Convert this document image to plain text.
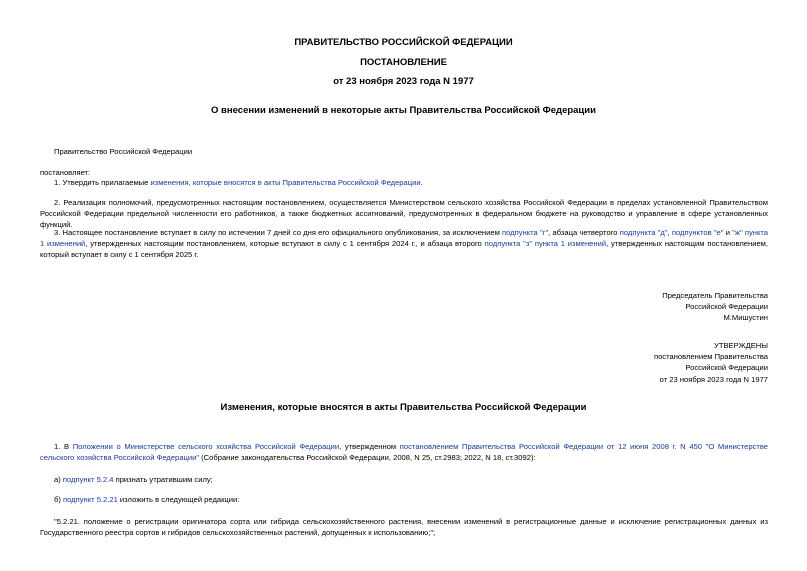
ПРАВИТЕЛЬСТВО РОССИЙСКОЙ ФЕДЕРАЦИИ
ПОСТАНОВЛЕНИЕ
от 23 ноября 2023 года N 1977
О внесении изменений в некоторые акты Правительства Российской Федерации
Правительство Российской Федерации
постановляет:
1. Утвердить прилагаемые изменения, которые вносятся в акты Правительства Российской Федерации.
2. Реализация полномочий, предусмотренных настоящим постановлением, осуществляется Министерством сельского хозяйства Российской Федерации в пределах установленной Правительством Российской Федерации предельной численности его работников, а также бюджетных ассигнований, предусмотренных в федеральном бюджете на руководство и управление в сфере установленных функций.
3. Настоящее постановление вступает в силу по истечении 7 дней со дня его официального опубликования, за исключением подпункта "г", абзаца четвертого подпункта "д", подпунктов "е" и "ж" пункта 1 изменений, утвержденных настоящим постановлением, которые вступают в силу с 1 сентября 2024 г., и абзаца второго подпункта "з" пункта 1 изменений, утвержденных настоящим постановлением, который вступает в силу с 1 сентября 2025 г.
Председатель Правительства
Российской Федерации
М.Мишустин
УТВЕРЖДЕНЫ
постановлением Правительства
Российской Федерации
от 23 ноября 2023 года N 1977
Изменения, которые вносятся в акты Правительства Российской Федерации
1. В Положении о Министерстве сельского хозяйства Российской Федерации, утвержденном постановлением Правительства Российской Федерации от 12 июня 2008 г. N 450 "О Министерстве сельского хозяйства Российской Федерации" (Собрание законодательства Российской Федерации, 2008, N 25, ст.2983; 2022, N 18, ст.3092):
а) подпункт 5.2.4 признать утратившим силу;
б) подпункт 5.2.21 изложить в следующей редакции:
"5.2.21. положение о регистрации оригинатора сорта или гибрида сельскохозяйственного растения, внесении изменений в регистрационные данные и исключение регистрационных данных из Государственного реестра сортов и гибридов сельскохозяйственных растений, допущенных к использованию;";
